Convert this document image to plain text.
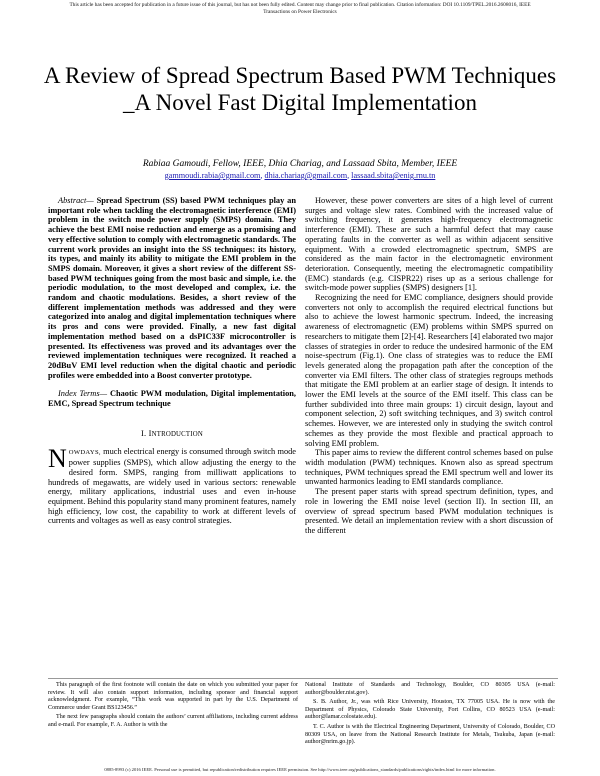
This article has been accepted for publication in a future issue of this journal, but has not been fully edited. Content may change prior to final publication. Citation information: DOI 10.1109/TPEL.2016.2608016, IEEE
Transactions on Power Electronics
A Review of Spread Spectrum Based PWM Techniques _A Novel Fast Digital Implementation
Rabiaa Gamoudi, Fellow, IEEE, Dhia Chariag, and Lassaad Sbita, Member, IEEE
gammoudi.rabia@gmail.com, dhia.chariag@gmail.com, lassaad.sbita@enig.rnu.tn

Abstract— Spread Spectrum (SS) based PWM techniques play an important role when tackling the electromagnetic interference (EMI) problem in the switch mode power supply (SMPS) domain. They achieve the best EMI noise reduction and emerge as a promising and very effective solution to comply with electromagnetic standards. The current work provides an insight into the SS techniques: its history, its types, and mainly its ability to mitigate the EMI problem in the SMPS domain. Moreover, it gives a short review of the different SS-based PWM techniques going from the most basic and simple, i.e. the periodic modulation, to the most developed and complex, i.e. the random and chaotic modulations. Besides, a short review of the different implementation methods was addressed and they were categorized into analog and digital implementation techniques where its pros and cons were provided. Finally, a new fast digital implementation method based on a dsPIC33F microcontroller is presented. Its effectiveness was proved and its advantages over the reviewed implementation techniques were recognized. It reached a 20dBuV EMI level reduction when the digital chaotic and periodic profiles were embedded into a Boost converter prototype.

Index Terms— Chaotic PWM modulation, Digital implementation, EMC, Spread Spectrum technique

I. INTRODUCTION

NOWDAYS, much electrical energy is consumed through switch mode power supplies (SMPS), which allow adjusting the energy to the desired form. SMPS, ranging from milliwatt applications to hundreds of megawatts, are widely used in various sectors: renewable energy, military applications, industrial uses and even in-house equipment. Behind this popularity stand many prominent features, namely high efficiency, low cost, the capability to work at different levels of currents and voltages as well as easy control strategies.

However, these power converters are sites of a high level of current surges and voltage slew rates. Combined with the increased value of switching frequency, it generates high-frequency electromagnetic interference (EMI). These are such a harmful defect that may cause operating faults in the converter as well as within adjacent sensitive equipment. With a crowded electromagnetic spectrum, SMPS are considered as the main factor in the electromagnetic environment deterioration. Consequently, meeting the electromagnetic compatibility (EMC) standards (e.g. CISPR22) rises up as a serious challenge for switch-mode power supplies (SMPS) designers [1].

Recognizing the need for EMC compliance, designers should provide converters not only to accomplish the required electrical functions but also to achieve the lowest harmonic spectrum. Indeed, the increasing awareness of electromagnetic (EM) problems within SMPS spurred on researchers to mitigate them [2]-[4]. Researchers [4] elaborated two major classes of strategies in order to reduce the undesired harmonic of the EM noise-spectrum (Fig.1). One class of strategies was to reduce the EMI levels generated along the propagation path after the conception of the converter via EMI filters. The other class of strategies regroups methods that mitigate the EMI problem at an earlier stage of design. It intends to lower the EMI levels at the source of the EMI itself. This class can be further subdivided into three main groups: 1) circuit design, layout and component selection, 2) soft switching techniques, and 3) switch control schemes. However, we are interested only in studying the switch control schemes as they provide the most flexible and practical approach to solving EMI problem.

This paper aims to review the different control schemes based on pulse width modulation (PWM) techniques. Known also as spread spectrum techniques, PWM techniques spread the EMI spectrum well and lower its unwanted harmonics leading to EMI standards compliance.

The present paper starts with spread spectrum definition, types, and role in lowering the EMI noise level (section II). In section III, an overview of spread spectrum based PWM modulation techniques is presented. We detail an implementation review with a short discussion of the different

This paragraph of the first footnote will contain the date on which you submitted your paper for review. It will also contain support information, including sponsor and financial support acknowledgment. For example, “This work was supported in part by the U.S. Department of Commerce under Grant BS123456.”

The next few paragraphs should contain the authors’ current affiliations, including current address and e-mail. For example, F. A. Author is with the

National Institute of Standards and Technology, Boulder, CO 80305 USA (e-mail: author@boulder.nist.gov).

S. B. Author, Jr., was with Rice University, Houston, TX 77005 USA. He is now with the Department of Physics, Colorado State University, Fort Collins, CO 80523 USA (e-mail: author@lamar.colostate.edu).

T. C. Author is with the Electrical Engineering Department, University of Colorado, Boulder, CO 80309 USA, on leave from the National Research Institute for Metals, Tsukuba, Japan (e-mail: author@nrim.go.jp).

0885-8993 (c) 2016 IEEE. Personal use is permitted, but republication/redistribution requires IEEE permission. See http://www.ieee.org/publications_standards/publications/rights/index.html for more information.
